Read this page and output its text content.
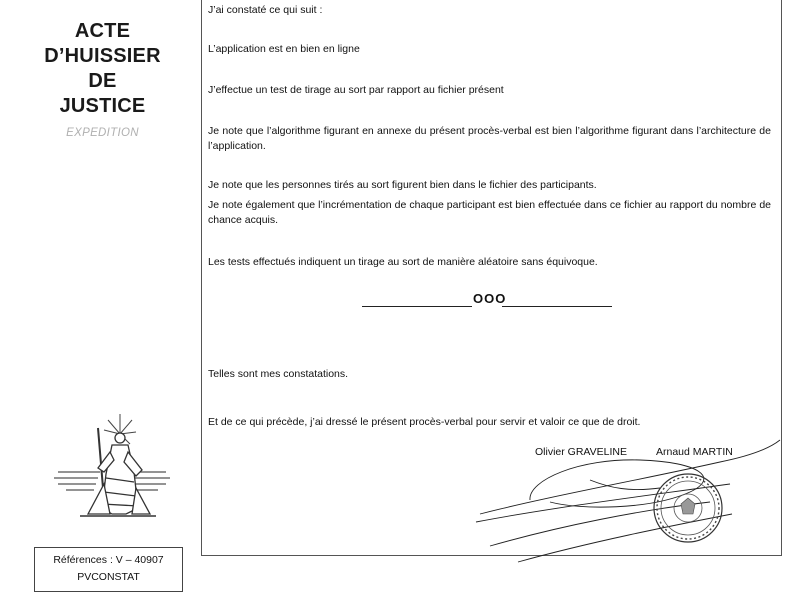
ACTE
D’HUISSIER
DE
JUSTICE
EXPEDITION
Références : V – 40907
PVCONSTAT
J’ai constaté ce qui suit :
L’application est en bien en ligne
J’effectue un test de tirage au sort par rapport au fichier présent
Je note que l’algorithme figurant en annexe du présent procès-verbal est bien l’algorithme figurant dans l’architecture de l’application.
Je note que les personnes tirés au sort figurent bien dans le fichier des participants.
Je note également que l’incrémentation de chaque participant est bien effectuée dans ce fichier au rapport du nombre de chance acquis.
Les tests effectués indiquent un tirage au sort de manière aléatoire sans équivoque.
OOO
Telles sont mes constatations.
Et de ce qui précède, j’ai dressé le présent procès-verbal pour servir et valoir ce que de droit.
Olivier GRAVELINE	Arnaud MARTIN
